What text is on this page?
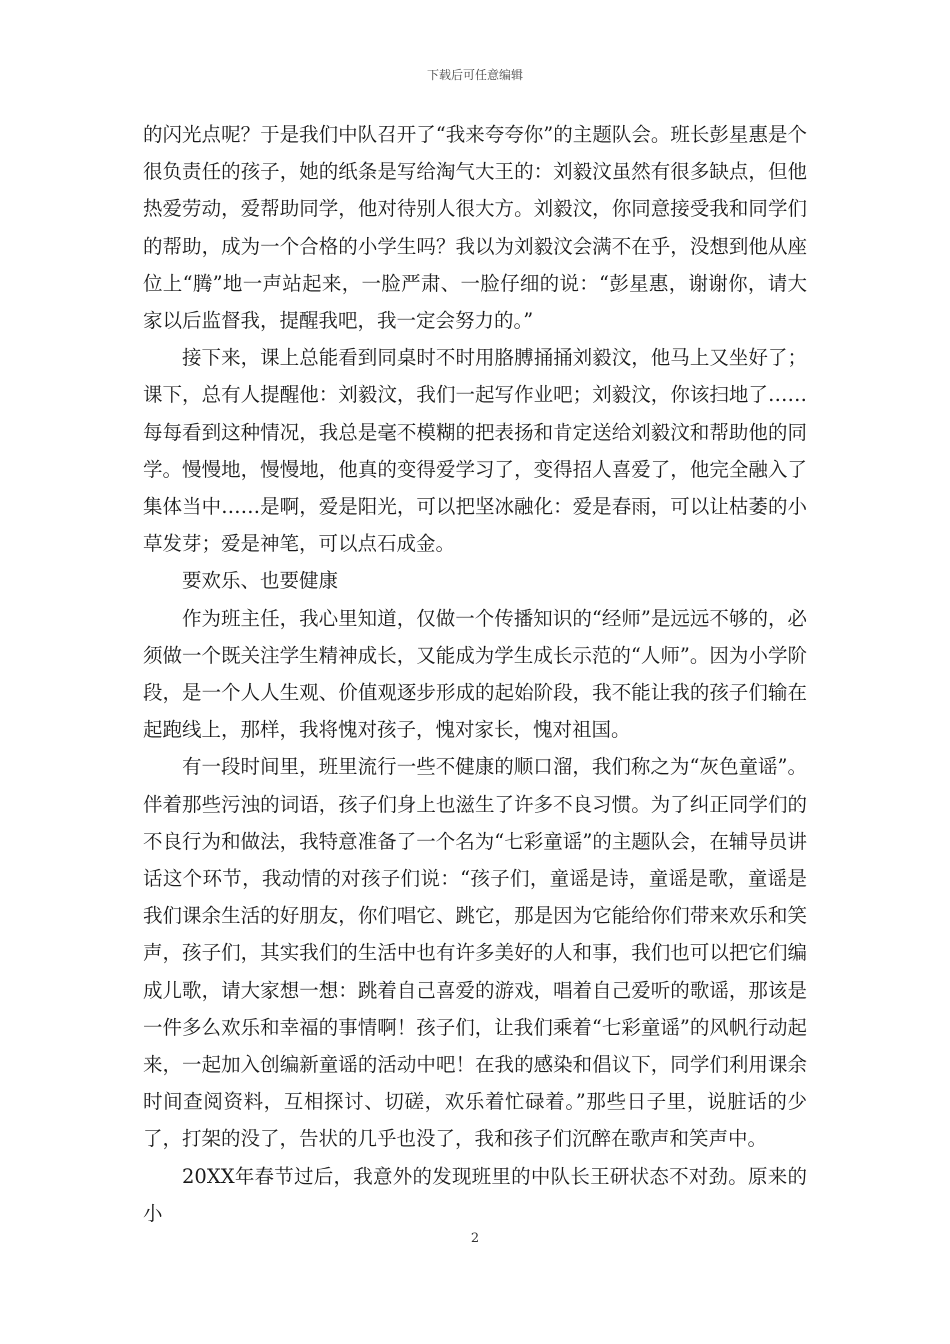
下载后可任意编辑

的闪光点呢？于是我们中队召开了“我来夸夸你”的主题队会。班长彭星惠是个很负责任的孩子，她的纸条是写给淘气大王的：刘毅汶虽然有很多缺点，但他热爱劳动，爱帮助同学，他对待别人很大方。刘毅汶，你同意接受我和同学们的帮助，成为一个合格的小学生吗？我以为刘毅汶会满不在乎，没想到他从座位上“腾”地一声站起来，一脸严肃、一脸仔细的说：“彭星惠，谢谢你，请大家以后监督我，提醒我吧，我一定会努力的。”

接下来，课上总能看到同桌时不时用胳膊捅捅刘毅汶，他马上又坐好了；课下，总有人提醒他：刘毅汶，我们一起写作业吧；刘毅汶，你该扫地了……每每看到这种情况，我总是毫不模糊的把表扬和肯定送给刘毅汶和帮助他的同学。慢慢地，慢慢地，他真的变得爱学习了，变得招人喜爱了，他完全融入了集体当中……是啊，爱是阳光，可以把坚冰融化：爱是春雨，可以让枯萎的小草发芽；爱是神笔，可以点石成金。

要欢乐、也要健康

作为班主任，我心里知道，仅做一个传播知识的“经师”是远远不够的，必须做一个既关注学生精神成长，又能成为学生成长示范的“人师”。因为小学阶段，是一个人人生观、价值观逐步形成的起始阶段，我不能让我的孩子们输在起跑线上，那样，我将愧对孩子，愧对家长，愧对祖国。

有一段时间里，班里流行一些不健康的顺口溜，我们称之为“灰色童谣”。伴着那些污浊的词语，孩子们身上也滋生了许多不良习惯。为了纠正同学们的不良行为和做法，我特意准备了一个名为“七彩童谣”的主题队会，在辅导员讲话这个环节，我动情的对孩子们说：“孩子们，童谣是诗，童谣是歌，童谣是我们课余生活的好朋友，你们唱它、跳它，那是因为它能给你们带来欢乐和笑声，孩子们，其实我们的生活中也有许多美好的人和事，我们也可以把它们编成儿歌，请大家想一想：跳着自己喜爱的游戏，唱着自己爱听的歌谣，那该是一件多么欢乐和幸福的事情啊！孩子们，让我们乘着“七彩童谣”的风帆行动起来，一起加入创编新童谣的活动中吧！在我的感染和倡议下，同学们利用课余时间查阅资料，互相探讨、切磋，欢乐着忙碌着。”那些日子里，说脏话的少了，打架的没了，告状的几乎也没了，我和孩子们沉醉在歌声和笑声中。

20XX年春节过后，我意外的发现班里的中队长王研状态不对劲。原来的小

2
